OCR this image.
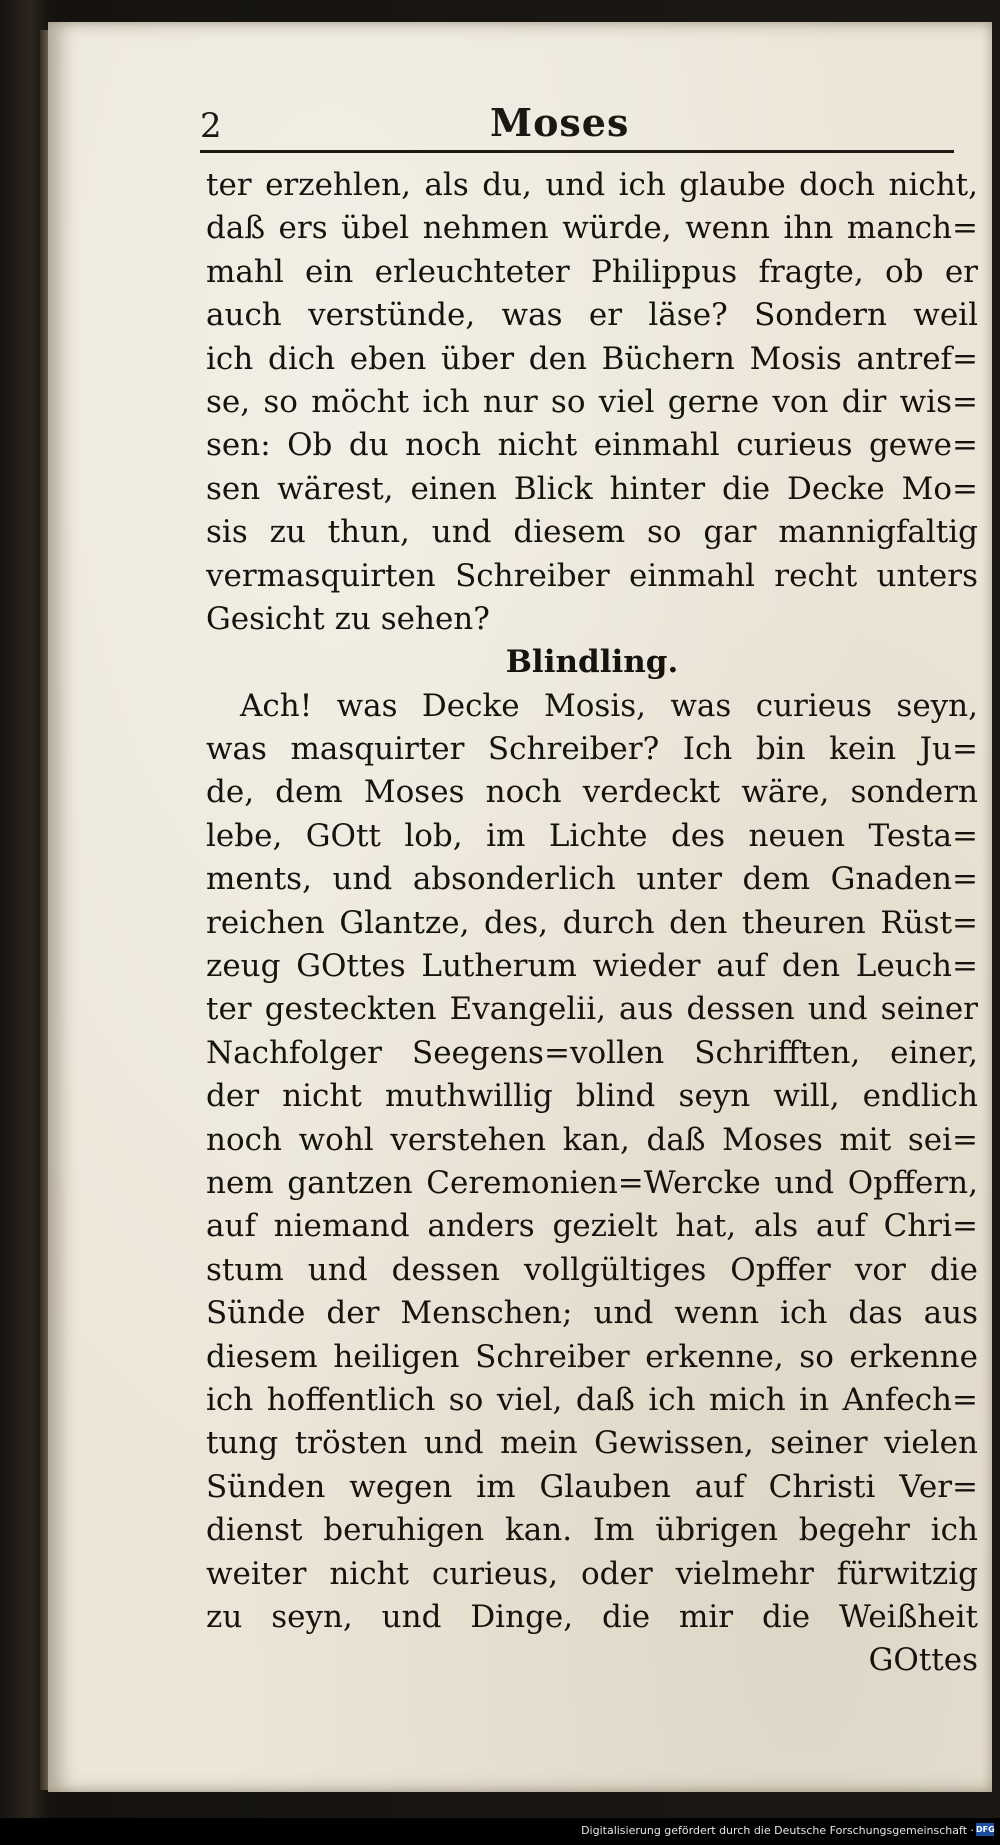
2	Moses
ter erzehlen, als du, und ich glaube doch nicht,
daß ers übel nehmen würde, wenn ihn manch=
mahl ein erleuchteter Philippus fragte, ob er
auch verstünde, was er läse? Sondern weil
ich dich eben über den Büchern Mosis antref=
se, so möcht ich nur so viel gerne von dir wis=
sen: Ob du noch nicht einmahl curieus gewe=
sen wärest, einen Blick hinter die Decke Mo=
sis zu thun, und diesem so gar mannigfaltig
vermasquirten Schreiber einmahl recht unters
Gesicht zu sehen?
Blindling.
Ach! was Decke Mosis, was curieus seyn,
was masquirter Schreiber? Ich bin kein Ju=
de, dem Moses noch verdeckt wäre, sondern
lebe, GOtt lob, im Lichte des neuen Testa=
ments, und absonderlich unter dem Gnaden=
reichen Glantze, des, durch den theuren Rüst=
zeug GOttes Lutherum wieder auf den Leuch=
ter gesteckten Evangelii, aus dessen und seiner
Nachfolger Seegens=vollen Schrifften, einer,
der nicht muthwillig blind seyn will, endlich
noch wohl verstehen kan, daß Moses mit sei=
nem gantzen Ceremonien=Wercke und Opffern,
auf niemand anders gezielt hat, als auf Chri=
stum und dessen vollgültiges Opffer vor die
Sünde der Menschen; und wenn ich das aus
diesem heiligen Schreiber erkenne, so erkenne
ich hoffentlich so viel, daß ich mich in Anfech=
tung trösten und mein Gewissen, seiner vielen
Sünden wegen im Glauben auf Christi Ver=
dienst beruhigen kan. Im übrigen begehr ich
weiter nicht curieus, oder vielmehr fürwitzig
zu seyn, und Dinge, die mir die Weißheit
GOttes
Digitalisierung gefördert durch die Deutsche Forschungsgemeinschaft · DFG
